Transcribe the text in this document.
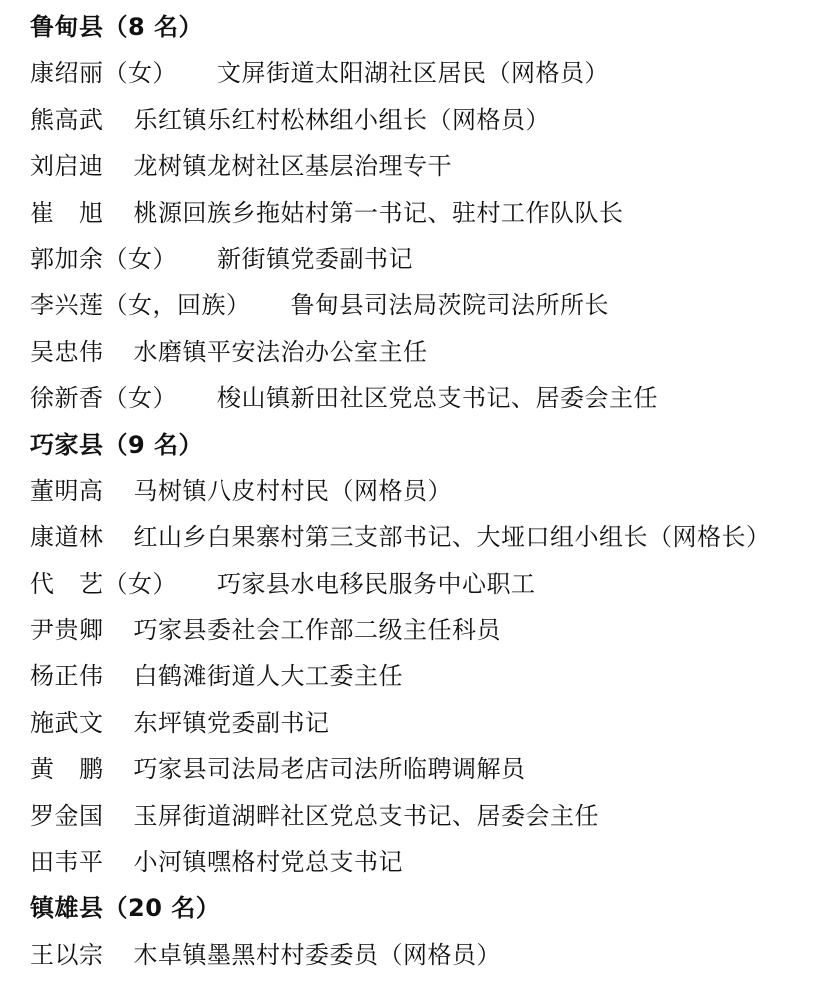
鲁甸县（8 名）
康绍丽（女） 文屏街道太阳湖社区居民（网格员）
熊高武 乐红镇乐红村松林组小组长（网格员）
刘启迪 龙树镇龙树社区基层治理专干
崔　旭 桃源回族乡拖姑村第一书记、驻村工作队队长
郭加余（女） 新街镇党委副书记
李兴莲（女，回族） 鲁甸县司法局茨院司法所所长
吴忠伟 水磨镇平安法治办公室主任
徐新香（女） 梭山镇新田社区党总支书记、居委会主任
巧家县（9 名）
董明高 马树镇八皮村村民（网格员）
康道林 红山乡白果寨村第三支部书记、大垭口组小组长（网格长）
代　艺（女） 巧家县水电移民服务中心职工
尹贵卿 巧家县委社会工作部二级主任科员
杨正伟 白鹤滩街道人大工委主任
施武文 东坪镇党委副书记
黄　鹏 巧家县司法局老店司法所临聘调解员
罗金国 玉屏街道湖畔社区党总支书记、居委会主任
田韦平 小河镇嘿格村党总支书记
镇雄县（20 名）
王以宗 木卓镇墨黑村村委委员（网格员）
